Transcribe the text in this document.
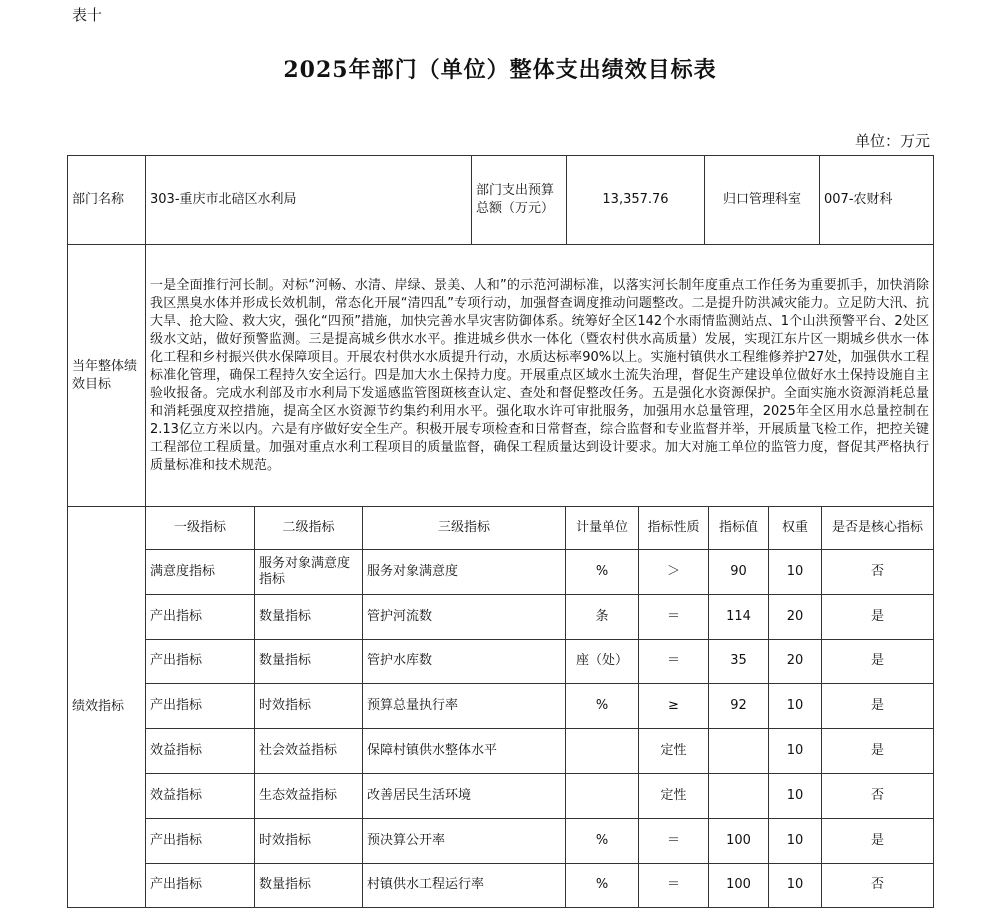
表十
2025年部门（单位）整体支出绩效目标表
单位：万元
部门名称	303-重庆市北碚区水利局	部门支出预算总额（万元）	13,357.76	归口管理科室	007-农财科
当年整体绩效目标	一是全面推行河长制。对标“河畅、水清、岸绿、景美、人和”的示范河湖标准，以落实河长制年度重点工作任务为重要抓手，加快消除我区黑臭水体并形成长效机制，常态化开展“清四乱”专项行动，加强督查调度推动问题整改。二是提升防洪减灾能力。立足防大汛、抗大旱、抢大险、救大灾，强化“四预”措施，加快完善水旱灾害防御体系。统筹好全区142个水雨情监测站点、1个山洪预警平台、2处区级水文站，做好预警监测。三是提高城乡供水水平。推进城乡供水一体化（暨农村供水高质量）发展，实现江东片区一期城乡供水一体化工程和乡村振兴供水保障项目。开展农村供水水质提升行动，水质达标率90%以上。实施村镇供水工程维修养护27处，加强供水工程标准化管理，确保工程持久安全运行。四是加大水土保持力度。开展重点区域水土流失治理，督促生产建设单位做好水土保持设施自主验收报备。完成水利部及市水利局下发遥感监管图斑核查认定、查处和督促整改任务。五是强化水资源保护。全面实施水资源消耗总量和消耗强度双控措施，提高全区水资源节约集约利用水平。强化取水许可审批服务，加强用水总量管理，2025年全区用水总量控制在2.13亿立方米以内。六是有序做好安全生产。积极开展专项检查和日常督查，综合监督和专业监督并举，开展质量飞检工作，把控关键工程部位工程质量。加强对重点水利工程项目的质量监督，确保工程质量达到设计要求。加大对施工单位的监管力度，督促其严格执行质量标准和技术规范。				
绩效指标	一级指标	二级指标	三级指标	计量单位	指标性质	指标值	权重	是否是核心指标
	满意度指标	服务对象满意度指标	服务对象满意度	%	＞	90	10	否
	产出指标	数量指标	管护河流数	条	＝	114	20	是
	产出指标	数量指标	管护水库数	座（处）	＝	35	20	是
	产出指标	时效指标	预算总量执行率	%	≥	92	10	是
	效益指标	社会效益指标	保障村镇供水整体水平		定性		10	是
	效益指标	生态效益指标	改善居民生活环境		定性		10	否
	产出指标	时效指标	预决算公开率	%	＝	100	10	是
	产出指标	数量指标	村镇供水工程运行率	%	＝	100	10	否
